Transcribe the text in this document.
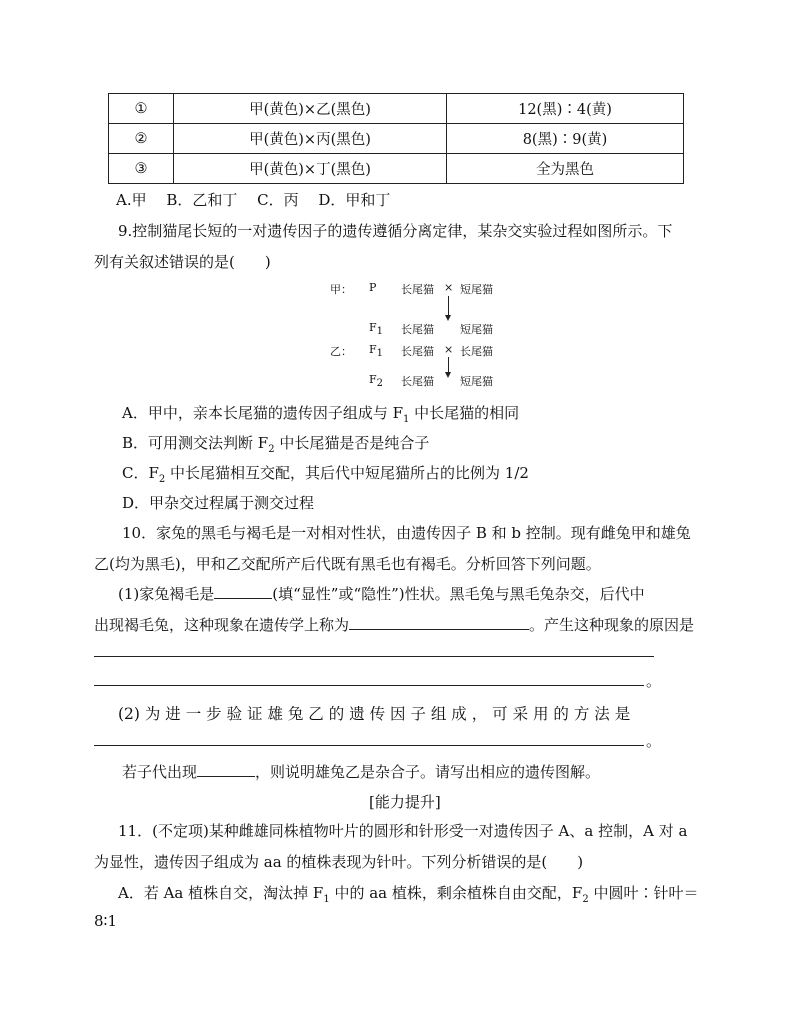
①	甲(黄色)×乙(黑色)	12(黑)∶4(黄)
②	甲(黄色)×丙(黑色)	8(黑)∶9(黄)
③	甲(黄色)×丁(黑色)	全为黑色
A.甲　 B．乙和丁　 C．丙　 D．甲和丁
9.控制猫尾长短的一对遗传因子的遗传遵循分离定律，某杂交实验过程如图所示。下
列有关叙述错误的是(　　)
甲： P 长尾猫 × 短尾猫
$F_1$ 长尾猫 短尾猫
乙： $F_1$ 长尾猫 × 长尾猫
$F_2$ 长尾猫 短尾猫
A．甲中，亲本长尾猫的遗传因子组成与 $F_1$ 中长尾猫的相同
B．可用测交法判断 $F_2$ 中长尾猫是否是纯合子
C．$F_2$ 中长尾猫相互交配，其后代中短尾猫所占的比例为 1/2
D．甲杂交过程属于测交过程
10．家兔的黑毛与褐毛是一对相对性状，由遗传因子 B 和 b 控制。现有雌兔甲和雄兔
乙(均为黑毛)，甲和乙交配所产后代既有黑毛也有褐毛。分析回答下列问题。
(1)家兔褐毛是	(填“显性”或“隐性”)性状。黑毛兔与黑毛兔杂交，后代中
出现褐毛兔，这种现象在遗传学上称为	。产生这种现象的原因是
。
(2) 为 进 一 步 验 证 雄 兔 乙 的 遗 传 因 子 组 成 ， 可 采 用 的 方 法 是
。
若子代出现	，则说明雄兔乙是杂合子。请写出相应的遗传图解。
[能力提升]
11．(不定项)某种雌雄同株植物叶片的圆形和针形受一对遗传因子 A、a 控制，A 对 a
为显性，遗传因子组成为 aa 的植株表现为针叶。下列分析错误的是(　　)
A．若 Aa 植株自交，淘汰掉 $F_1$ 中的 aa 植株，剩余植株自由交配，$F_2$ 中圆叶∶针叶＝
8∶1
